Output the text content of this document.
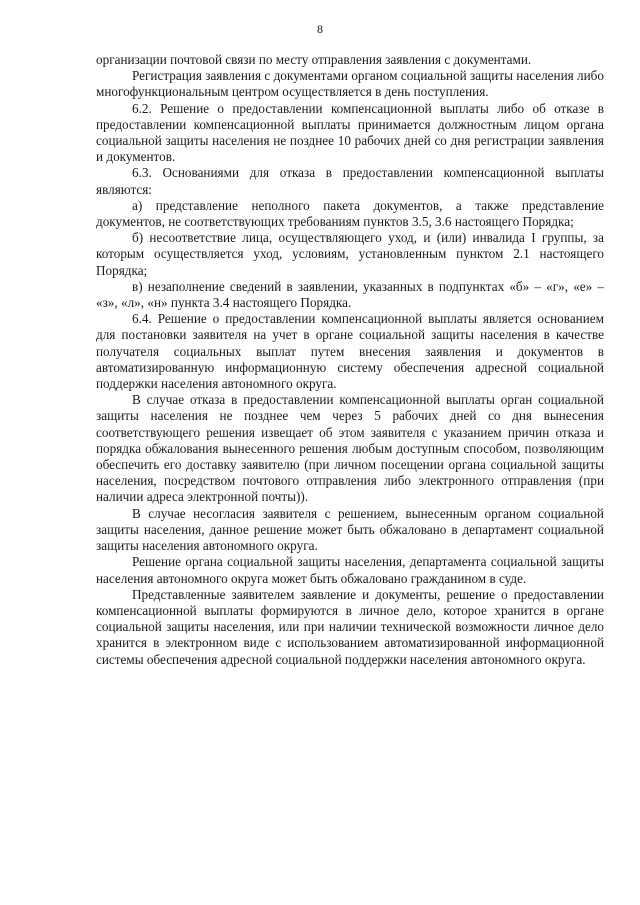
8

организации почтовой связи по месту отправления заявления с документами.

Регистрация заявления с документами органом социальной защиты населения либо многофункциональным центром осуществляется в день поступления.

6.2. Решение о предоставлении компенсационной выплаты либо об отказе в предоставлении компенсационной выплаты принимается должностным лицом органа социальной защиты населения не позднее 10 рабочих дней со дня регистрации заявления и документов.

6.3. Основаниями для отказа в предоставлении компенсационной выплаты являются:

а) представление неполного пакета документов, а также представление документов, не соответствующих требованиям пунктов 3.5, 3.6 настоящего Порядка;

б) несоответствие лица, осуществляющего уход, и (или) инвалида I группы, за которым осуществляется уход, условиям, установленным пунктом 2.1 настоящего Порядка;

в) незаполнение сведений в заявлении, указанных в подпунктах «б» – «г», «е» – «з», «л», «н» пункта 3.4 настоящего Порядка.

6.4. Решение о предоставлении компенсационной выплаты является основанием для постановки заявителя на учет в органе социальной защиты населения в качестве получателя социальных выплат путем внесения заявления и документов в автоматизированную информационную систему обеспечения адресной социальной поддержки населения автономного округа.

В случае отказа в предоставлении компенсационной выплаты орган социальной защиты населения не позднее чем через 5 рабочих дней со дня вынесения соответствующего решения извещает об этом заявителя с указанием причин отказа и порядка обжалования вынесенного решения любым доступным способом, позволяющим обеспечить его доставку заявителю (при личном посещении органа социальной защиты населения, посредством почтового отправления либо электронного отправления (при наличии адреса электронной почты)).

В случае несогласия заявителя с решением, вынесенным органом социальной защиты населения, данное решение может быть обжаловано в департамент социальной защиты населения автономного округа.

Решение органа социальной защиты населения, департамента социальной защиты населения автономного округа может быть обжаловано гражданином в суде.

Представленные заявителем заявление и документы, решение о предоставлении компенсационной выплаты формируются в личное дело, которое хранится в органе социальной защиты населения, или при наличии технической возможности личное дело хранится в электронном виде с использованием автоматизированной информационной системы обеспечения адресной социальной поддержки населения автономного округа.
